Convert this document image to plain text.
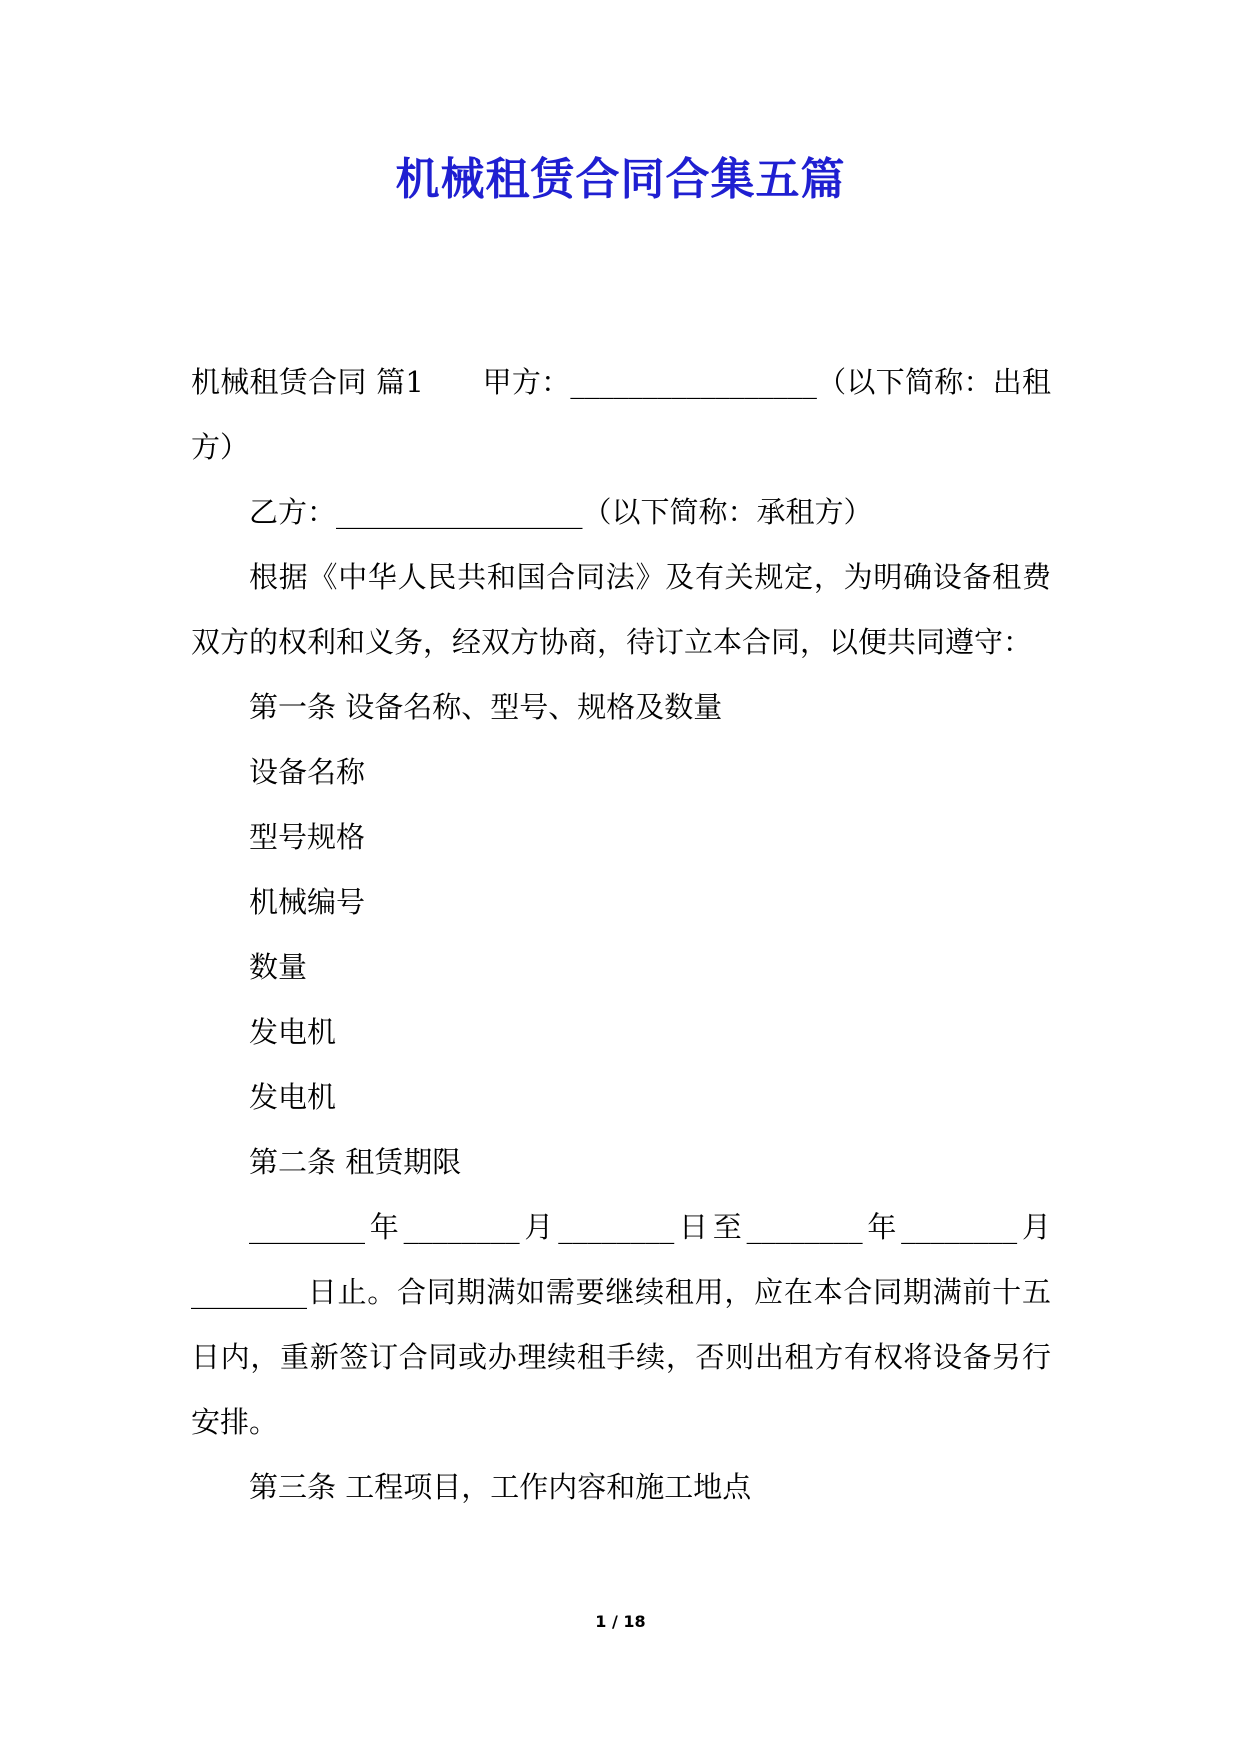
机械租赁合同合集五篇

机械租赁合同 篇1　　甲方：_________________（以下简称：出租方）

乙方：_________________（以下简称：承租方）

根据《中华人民共和国合同法》及有关规定，为明确设备租费双方的权利和义务，经双方协商，待订立本合同，以便共同遵守：

第一条 设备名称、型号、规格及数量

设备名称

型号规格

机械编号

数量

发电机

发电机

第二条 租赁期限

________年________月________日至________年________月________日止。合同期满如需要继续租用，应在本合同期满前十五日内，重新签订合同或办理续租手续，否则出租方有权将设备另行安排。

第三条 工程项目，工作内容和施工地点

1 / 18
